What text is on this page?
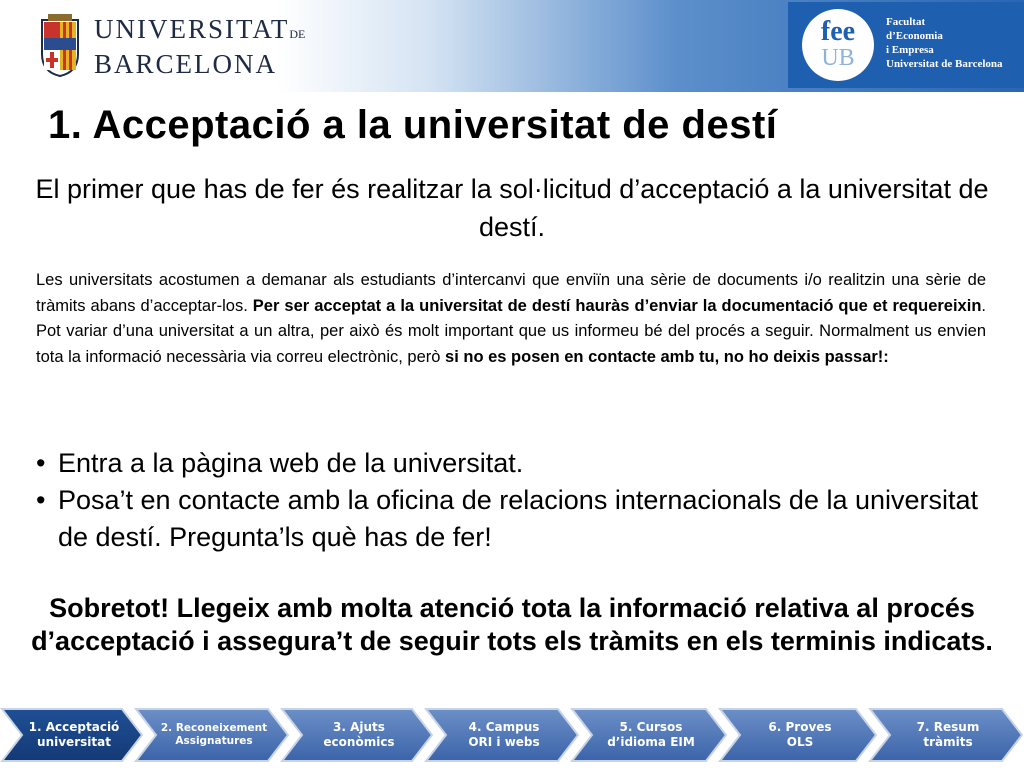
UNIVERSITATDE
BARCELONA
fee
UB
Facultat
d’Economia
i Empresa
Universitat de Barcelona
1. Acceptació a la universitat de destí

El primer que has de fer és realitzar la sol·licitud d’acceptació a la universitat de destí.

Les universitats acostumen a demanar als estudiants d’intercanvi que enviïn una sèrie de documents i/o realitzin una sèrie de tràmits abans d’acceptar-los. Per ser acceptat a la universitat de destí hauràs d’enviar la documentació que et requereixin. Pot variar d’una universitat a un altra, per això és molt important que us informeu bé del procés a seguir. Normalment us envien tota la informació necessària via correu electrònic, però si no es posen en contacte amb tu, no ho deixis passar!:

• Entra a la pàgina web de la universitat.
• Posa’t en contacte amb la oficina de relacions internacionals de la universitat de destí. Pregunta’ls què has de fer!

Sobretot! Llegeix amb molta atenció tota la informació relativa al procés d’acceptació i assegura’t de seguir tots els tràmits en els terminis indicats.

1. Acceptació
universitat
2. Reconeixement
Assignatures
3. Ajuts
econòmics
4. Campus
ORI i webs
5. Cursos
d’idioma EIM
6. Proves
OLS
7. Resum
tràmits
